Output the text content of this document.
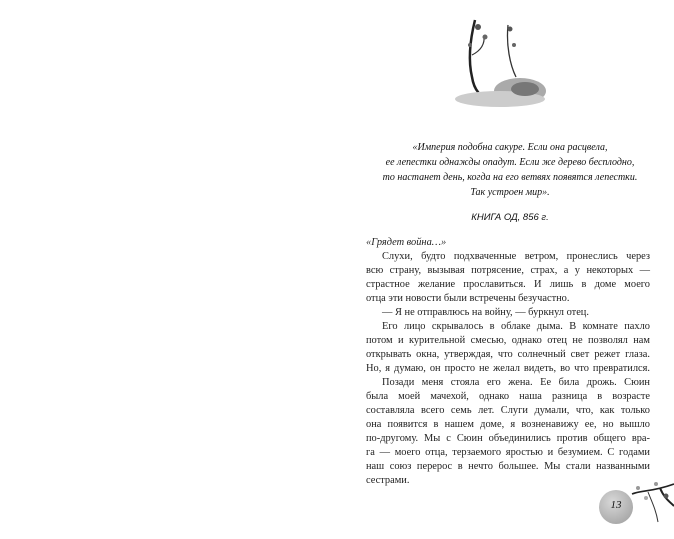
«Империя подобна сакуре. Если она расцвела,
ее лепестки однажды опадут. Если же дерево бесплодно,
то настанет день, когда на его ветвях появятся лепестки.
Так устроен мир».
КНИГА ОД, 856 г.
«Грядет война…»
Слухи, будто подхваченные ветром, пронеслись через
всю страну, вызывая потрясение, страх, а у некоторых —
страстное желание прославиться. И лишь в доме моего
отца эти новости были встречены безучастно.
— Я не отправлюсь на войну, — буркнул отец.
Его лицо скрывалось в облаке дыма. В комнате пахло
потом и курительной смесью, однако отец не позволял нам
открывать окна, утверждая, что солнечный свет режет глаза.
Но, я думаю, он просто не желал видеть, во что превратился.
Позади меня стояла его жена. Ее била дрожь. Сюин
была моей мачехой, однако наша разница в возрасте
составляла всего семь лет. Слуги думали, что, как только
она появится в нашем доме, я возненавижу ее, но вышло
по-другому. Мы с Сюин объединились против общего вра-
га — моего отца, терзаемого яростью и безумием. С годами
наш союз перерос в нечто большее. Мы стали названными
сестрами.
13
